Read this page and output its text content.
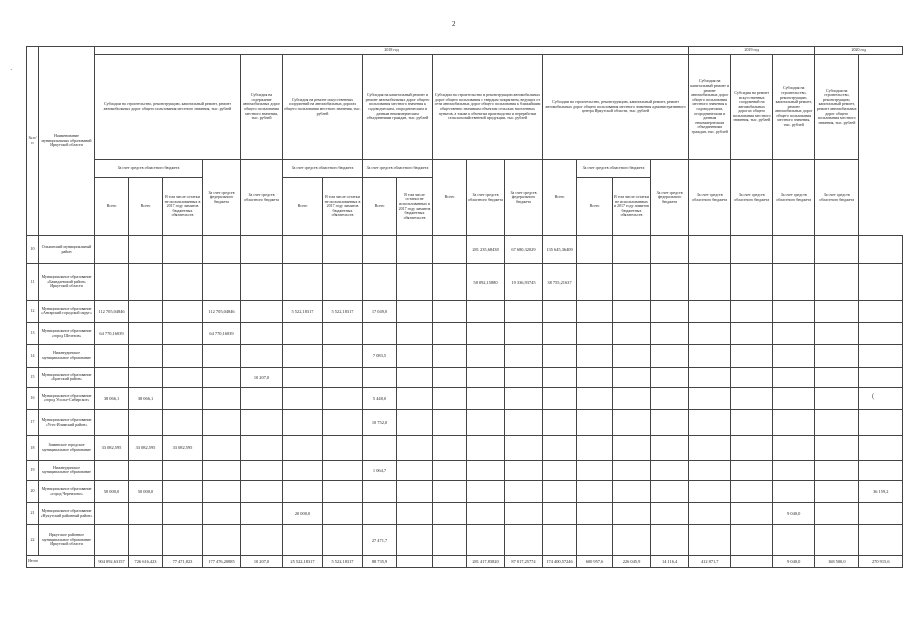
2
№ п/п	Наименование муниципальных образований Иркутской области	2018 год																2019 год			2020 год	
		Субсидии на строительство, реконструкцию, капитальный ремонт, ремонт автомобильных дорог общего пользования местного значения, тыс. рублей				Субсидия на содержание автомобильных дорог общего пользования местного значения, тыс. рублей	Субсидия на ремонт искусственных сооружений на автомобильных дорогах общего пользования местного значения, тыс. рублей		Субсидия на капитальный ремонт и ремонт автомобильных дорог общего пользования местного значения к садоводческим, огородническим и дачным некоммерческим объединениям граждан, тыс. рублей		Субсидии на строительство и реконструкцию автомобильных дорог общего пользования с твердым покрытием, ведущих от сети автомобильных дорог общего пользования к ближайшим общественно значимым объектам сельских населенных пунктов, а также к объектам производства и переработки сельскохозяйственной продукции, тыс. рублей			Субсидии на строительство, реконструкцию, капитальный ремонт, ремонт автомобильных дорог общего пользования местного значения административного центра Иркутской области, тыс. рублей				Субсидия на капитальный ремонт и ремонт автомобильных дорог общего пользования местного значения к садоводческим, огородническим и дачным некоммерческим объединениям граждан, тыс. рублей	Субсидия на ремонт искусственных сооружений на автомобильных дорогах общего пользования местного значения, тыс. рублей	Субсидия на строительство, реконструкцию, капитальный ремонт, ремонт автомобильных дорог общего пользования местного значения, тыс. рублей	Субсидия на строительство, реконструкцию, капитальный ремонт, ремонт автомобильных дорог общего пользования местного значения, тыс. рублей	
		За счет средств областного бюджета			За счет средств федерального бюджета	За счет средств областного бюджета	За счет средств областного бюджета		За счет средств областного бюджета		Всего	За счет средств областного бюджета	За счет средств федерального бюджета	Всего	За счет средств областного бюджета		За счет средств федерального бюджета	За счет средств областного бюджета	За счет средств областного бюджета	За счет средств областного бюджета	За счет средств областного бюджета	
		Всего	Всего	В том числе остатки не использованных в 2017 году лимитов бюджетных обязательств			Всего	В том числе остатки не использованных в 2017 году лимитов бюджетных обязательств	Всего	В том числе остатки не использованных в 2017 году лимитов бюджетных обязательств					Всего	В том числе остатки не использованных в 2017 году лимитов бюджетных обязательств						
10	Ольхонский муниципальный район											281 235,68438	67 680,32029	135 645,36409								
11	Муниципальное образование «Баяндаевский район» Иркутской области											58 092,15880	19 336,93745	38 755,21637								
12	Муниципальное образование «Ангарский городской округ»	112 705,04846			112 705,04846		5 522,18317	5 522,18317	17 049,0													
13	Муниципальное образование «город Шелехов»	64 770,16039			64 770,16039																	
14	Нижнеудинское муниципальное образование								7 083,5													
15	Муниципальное образование «Братский район»					10 207,0																
16	Муниципальное образование «город Усолье-Сибирское»	38 066,1	38 066,1						5 448,0													
17	Муниципальное образование «Усть-Илимский район»								10 752,0													
18	Зиминское городское муниципальное образование	33 082,595	33 082,595	33 082,595																		
19	Нижнеудинское муниципальное образование								1 064,7													
20	Муниципальное образование «город Черемхово»	50 000,0	50 000,0																			36 159,2
21	Муниципальное образование «Нукутский районный район»						20 000,0													9 040,0		
22	Иркутское районное муниципальное образование Иркутской области								27 471,7													
Итого		904 092,63157	726 616,423	77 471,823	177 476,20885	10 207,0	25 522,18317	5 522,18317	88 735,9			281 417,83820	87 017,25774	174 400,57246	600 957,6	226 045,9	14 116,4	412 871,7		9 040,0	168 500,0	270 915,6
(
·
